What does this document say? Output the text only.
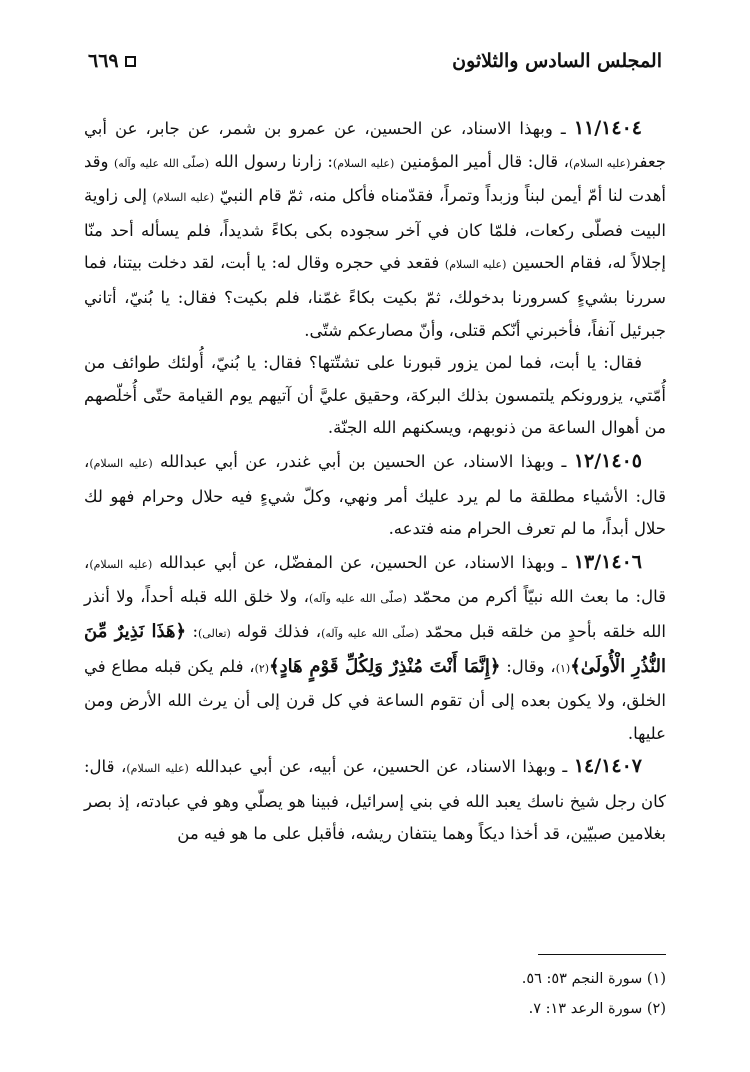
المجلس السادس والثلاثون
٦٦٩

١١/١٤٠٤ ـ وبهذا الاسناد، عن الحسين، عن عمرو بن شمر، عن جابر، عن أبي جعفر(عليه السلام)، قال: قال أمير المؤمنين (عليه السلام): زارنا رسول الله (صلّى الله عليه وآله) وقد أهدت لنا أمّ أيمن لبناً وزبداً وتمراً، فقدّمناه فأكل منه، ثمّ قام النبيّ (عليه السلام) إلى زاوية البيت فصلّى ركعات، فلمّا كان في آخر سجوده بكى بكاءً شديداً، فلم يسأله أحد منّا إجلالاً له، فقام الحسين (عليه السلام) فقعد في حجره وقال له: يا أبت، لقد دخلت بيتنا، فما سررنا بشيءٍ كسرورنا بدخولك، ثمّ بكيت بكاءً غمّنا، فلم بكيت؟ فقال: يا بُنيّ، أتاني جبرئيل آنفاً، فأخبرني أنّكم قتلى، وأنّ مصارعكم شتّى.

فقال: يا أبت، فما لمن يزور قبورنا على تشتّتها؟ فقال: يا بُنيّ، أُولئك طوائف من أُمّتي، يزورونكم يلتمسون بذلك البركة، وحقيق عليَّ أن آتيهم يوم القيامة حتّى أُخلّصهم من أهوال الساعة من ذنوبهم، ويسكنهم الله الجنّة.

١٢/١٤٠٥ ـ وبهذا الاسناد، عن الحسين بن أبي غندر، عن أبي عبدالله (عليه السلام)، قال: الأشياء مطلقة ما لم يرد عليك أمر ونهي، وكلّ شيءٍ فيه حلال وحرام فهو لك حلال أبداً، ما لم تعرف الحرام منه فتدعه.

١٣/١٤٠٦ ـ وبهذا الاسناد، عن الحسين، عن المفضّل، عن أبي عبدالله (عليه السلام)، قال: ما بعث الله نبيّاً أكرم من محمّد (صلّى الله عليه وآله)، ولا خلق الله قبله أحداً، ولا أنذر الله خلقه بأحدٍ من خلقه قبل محمّد (صلّى الله عليه وآله)، فذلك قوله (تعالى): ﴿هَذَا نَذِيرٌ مِّنَ النُّذُرِ الْأُولَىٰ﴾(١)، وقال: ﴿إِنَّمَا أَنْتَ مُنْذِرٌ وَلِكُلِّ قَوْمٍ هَادٍ﴾(٢)، فلم يكن قبله مطاع في الخلق، ولا يكون بعده إلى أن تقوم الساعة في كل قرن إلى أن يرث الله الأرض ومن عليها.

١٤/١٤٠٧ ـ وبهذا الاسناد، عن الحسين، عن أبيه، عن أبي عبدالله (عليه السلام)، قال: كان رجل شيخ ناسك يعبد الله في بني إسرائيل، فبينا هو يصلّي وهو في عبادته، إذ بصر بغلامين صبيّين، قد أخذا ديكاً وهما ينتفان ريشه، فأقبل على ما هو فيه من

(١) سورة النجم ٥٣: ٥٦.
(٢) سورة الرعد ١٣: ٧.
